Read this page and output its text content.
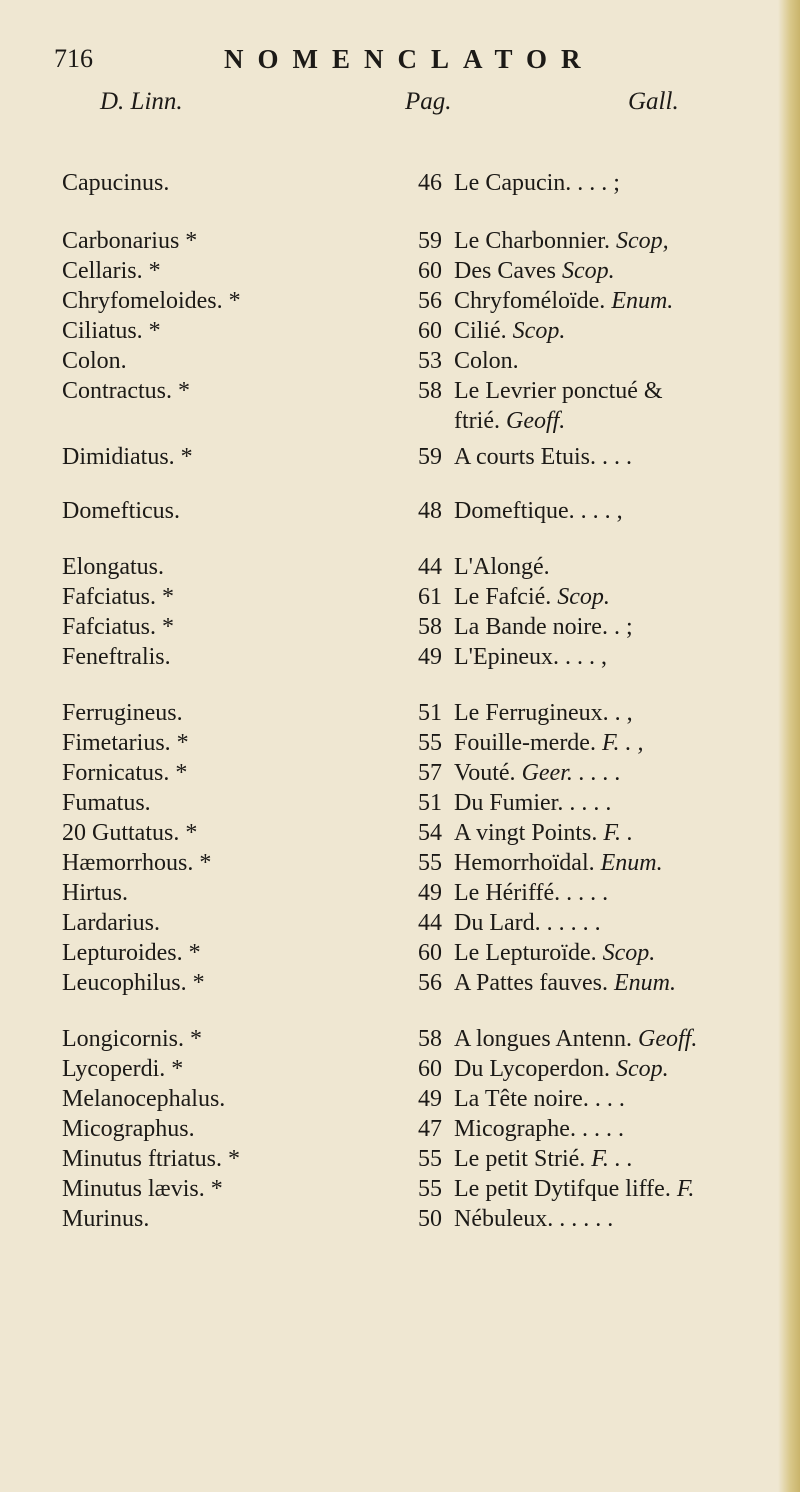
716	NOMENCLATOR
D. Linn.	Pag.	Gall.
Capucinus.	46 Le Capucin. . . . ;
Carbonarius *	59 Le Charbonnier. Scop,
Cellaris. *	60 Des Caves Scop.
Chryfomeloides. *	56 Chryfoméloïde. Enum.
Ciliatus. *	60 Cilié. Scop.
Colon.	53 Colon.
Contractus. *	58 Le Levrier ponctué &
ftrié. Geoff.
Dimidiatus. *	59 A courts Etuis. . . .
Domefticus.	48 Domeftique. . . . ,
Elongatus.	44 L'Alongé.
Fafciatus. *	61 Le Fafcié. Scop.
Fafciatus. *	58 La Bande noire. . ;
Feneftralis.	49 L'Epineux. . . . ,
Ferrugineus.	51 Le Ferrugineux. . ,
Fimetarius. *	55 Fouille-merde. F. . ,
Fornicatus. *	57 Vouté. Geer. . . . .
Fumatus.	51 Du Fumier. . . . .
20 Guttatus. *	54 A vingt Points. F. .
Hæmorrhous. *	55 Hemorrhoïdal. Enum.
Hirtus.	49 Le Hériffé. . . . .
Lardarius.	44 Du Lard. . . . . .
Lepturoides. *	60 Le Lepturoïde. Scop.
Leucophilus. *	56 A Pattes fauves. Enum.
Longicornis. *	58 A longues Antenn. Geoff.
Lycoperdi. *	60 Du Lycoperdon. Scop.
Melanocephalus.	49 La Tête noire. . . .
Micographus.	47 Micographe. . . . .
Minutus ftriatus. *	55 Le petit Strié. F. . .
Minutus lævis. *	55 Le petit Dytifque liffe. F.
Murinus.	50 Nébuleux. . . . . .
